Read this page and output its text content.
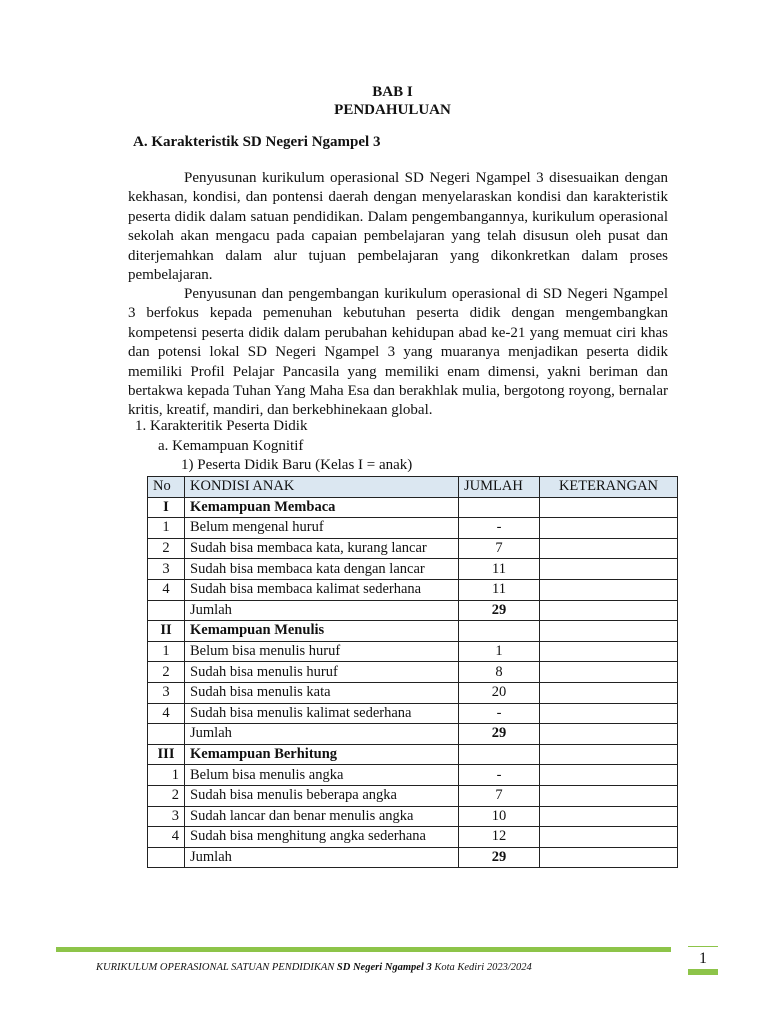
BAB I
PENDAHULUAN
A. Karakteristik SD Negeri Ngampel 3

Penyusunan kurikulum operasional SD Negeri Ngampel 3 disesuaikan dengan kekhasan, kondisi, dan pontensi daerah dengan menyelaraskan kondisi dan karakteristik peserta didik dalam satuan pendidikan. Dalam pengembangannya, kurikulum operasional sekolah akan mengacu pada capaian pembelajaran yang telah disusun oleh pusat dan diterjemahkan dalam alur tujuan pembelajaran yang dikonkretkan dalam proses pembelajaran.

Penyusunan dan pengembangan kurikulum operasional di SD Negeri Ngampel 3 berfokus kepada pemenuhan kebutuhan peserta didik dengan mengembangkan kompetensi peserta didik dalam perubahan kehidupan abad ke-21 yang memuat ciri khas dan potensi lokal SD Negeri Ngampel 3 yang muaranya menjadikan peserta didik memiliki Profil Pelajar Pancasila yang memiliki enam dimensi, yakni beriman dan bertakwa kepada Tuhan Yang Maha Esa dan berakhlak mulia, bergotong royong, bernalar kritis, kreatif, mandiri, dan berkebhinekaan global.

1. Karakteritik Peserta Didik
a. Kemampuan Kognitif
1) Peserta Didik Baru (Kelas I = anak)
No	KONDISI ANAK	JUMLAH	KETERANGAN
I	Kemampuan Membaca		
1	Belum mengenal huruf	-	
2	Sudah bisa membaca kata, kurang lancar	7	
3	Sudah bisa membaca kata dengan lancar	11	
4	Sudah bisa membaca kalimat sederhana	11	
	Jumlah	29	
II	Kemampuan Menulis		
1	Belum bisa menulis huruf	1	
2	Sudah bisa menulis huruf	8	
3	Sudah bisa menulis kata	20	
4	Sudah bisa menulis kalimat sederhana	-	
	Jumlah	29	
III	Kemampuan Berhitung		
1	Belum bisa menulis angka	-	
2	Sudah bisa menulis beberapa angka	7	
3	Sudah lancar dan benar menulis angka	10	
4	Sudah bisa menghitung angka sederhana	12	
	Jumlah	29	
KURIKULUM OPERASIONAL SATUAN PENDIDIKAN SD Negeri Ngampel 3 Kota Kediri 2023/2024
1
